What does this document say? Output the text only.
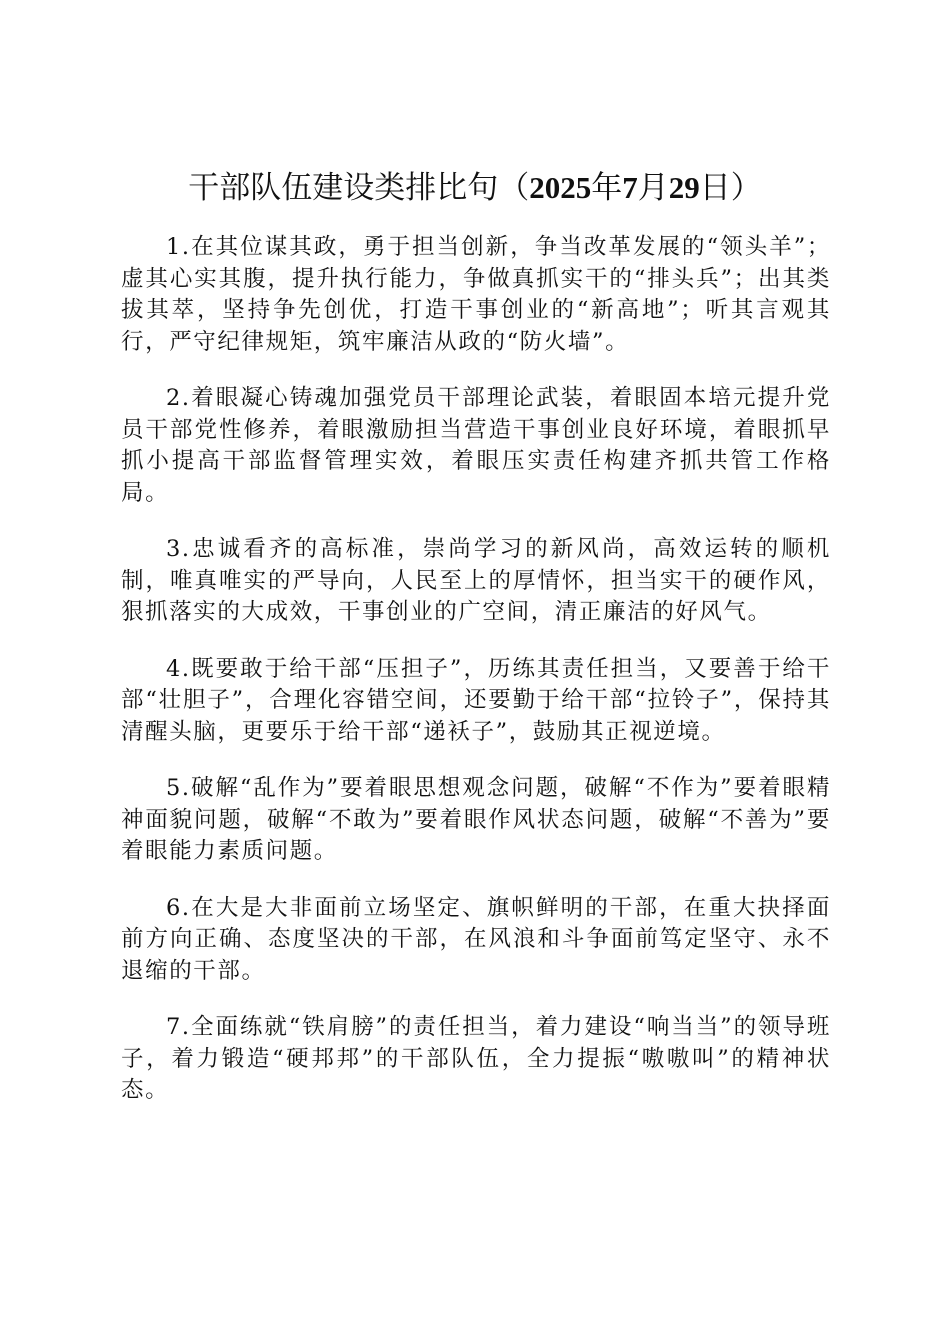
干部队伍建设类排比句（2025年7月29日）

1.在其位谋其政，勇于担当创新，争当改革发展的“领头羊”；虚其心实其腹，提升执行能力，争做真抓实干的“排头兵”；出其类拔其萃，坚持争先创优，打造干事创业的“新高地”；听其言观其行，严守纪律规矩，筑牢廉洁从政的“防火墙”。

2.着眼凝心铸魂加强党员干部理论武装，着眼固本培元提升党员干部党性修养，着眼激励担当营造干事创业良好环境，着眼抓早抓小提高干部监督管理实效，着眼压实责任构建齐抓共管工作格局。

3.忠诚看齐的高标准，崇尚学习的新风尚，高效运转的顺机制，唯真唯实的严导向，人民至上的厚情怀，担当实干的硬作风，狠抓落实的大成效，干事创业的广空间，清正廉洁的好风气。

4.既要敢于给干部“压担子”，历练其责任担当，又要善于给干部“壮胆子”，合理化容错空间，还要勤于给干部“拉铃子”，保持其清醒头脑，更要乐于给干部“递袄子”，鼓励其正视逆境。

5.破解“乱作为”要着眼思想观念问题，破解“不作为”要着眼精神面貌问题，破解“不敢为”要着眼作风状态问题，破解“不善为”要着眼能力素质问题。

6.在大是大非面前立场坚定、旗帜鲜明的干部，在重大抉择面前方向正确、态度坚决的干部，在风浪和斗争面前笃定坚守、永不退缩的干部。

7.全面练就“铁肩膀”的责任担当，着力建设“响当当”的领导班子，着力锻造“硬邦邦”的干部队伍，全力提振“嗷嗷叫”的精神状态。
